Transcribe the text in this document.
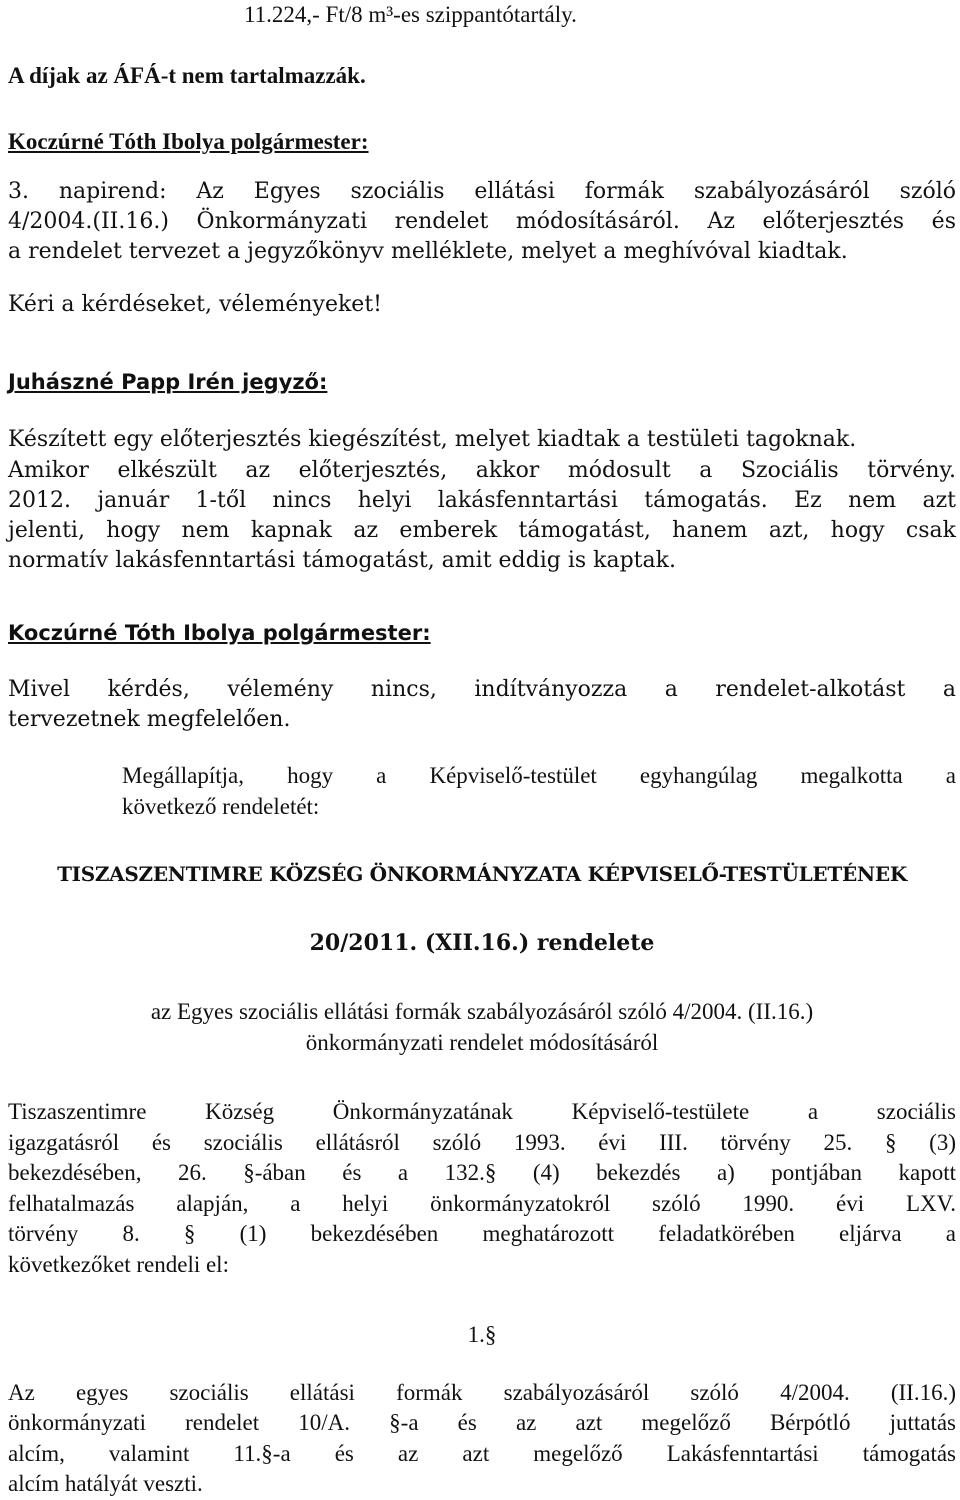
11.224,- Ft/8 m³-es szippantótartály.

A díjak az ÁFÁ-t nem tartalmazzák.

Koczúrné Tóth Ibolya polgármester:

3. napirend: Az Egyes szociális ellátási formák szabályozásáról szóló

4/2004.(II.16.) Önkormányzati rendelet módosításáról. Az előterjesztés és

a rendelet tervezet a jegyzőkönyv melléklete, melyet a meghívóval kiadtak.

Kéri a kérdéseket, véleményeket!

Juhászné Papp Irén jegyző:

Készített egy előterjesztés kiegészítést, melyet kiadtak a testületi tagoknak.

Amikor elkészült az előterjesztés, akkor módosult a Szociális törvény.

2012. január 1-től nincs helyi lakásfenntartási támogatás. Ez nem azt

jelenti, hogy nem kapnak az emberek támogatást, hanem azt, hogy csak

normatív lakásfenntartási támogatást, amit eddig is kaptak.

Koczúrné Tóth Ibolya polgármester:

Mivel kérdés, vélemény nincs, indítványozza a rendelet-alkotást a

tervezetnek megfelelően.

Megállapítja, hogy a Képviselő-testület egyhangúlag megalkotta a

következő rendeletét:

TISZASZENTIMRE KÖZSÉG ÖNKORMÁNYZATA KÉPVISELŐ-TESTÜLETÉNEK

20/2011. (XII.16.) rendelete

az Egyes szociális ellátási formák szabályozásáról szóló 4/2004. (II.16.)

önkormányzati rendelet módosításáról

Tiszaszentimre Község Önkormányzatának Képviselő-testülete a szociális

igazgatásról és szociális ellátásról szóló 1993. évi III. törvény 25. § (3)

bekezdésében, 26. §-ában és a 132.§ (4) bekezdés a) pontjában kapott

felhatalmazás alapján, a helyi önkormányzatokról szóló 1990. évi LXV.

törvény 8. § (1) bekezdésében meghatározott feladatkörében eljárva a

következőket rendeli el:

1.§

Az egyes szociális ellátási formák szabályozásáról szóló 4/2004. (II.16.)

önkormányzati rendelet 10/A. §-a és az azt megelőző Bérpótló juttatás

alcím, valamint 11.§-a és az azt megelőző Lakásfenntartási támogatás

alcím hatályát veszti.
